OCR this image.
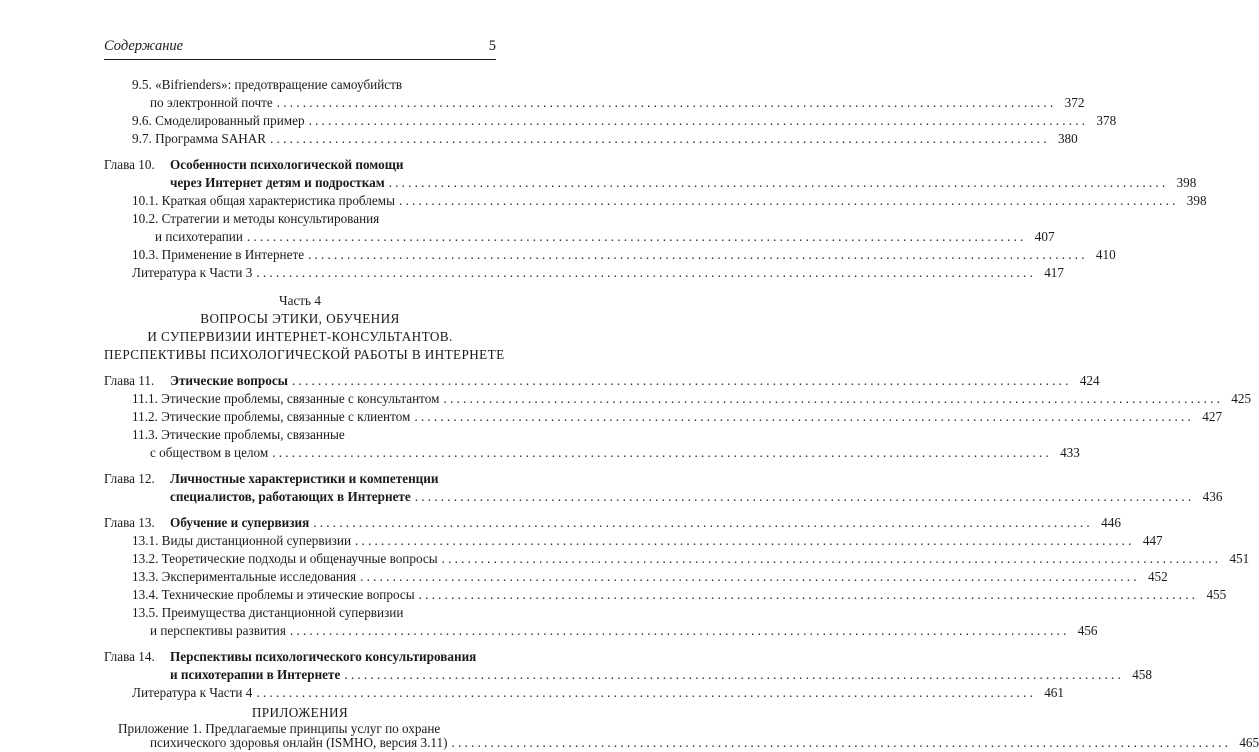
Содержание	5
9.5. «Bifrienders»: предотвращение самоубийств
по электронной почте ........................................................................................................................ 372
9.6. Смоделированный пример ........................................................................................................................ 378
9.7. Программа SAHAR ........................................................................................................................ 380
Глава 10.	Особенности психологической помощи
через Интернет детям и подросткам ........................................................................................................................ 398
10.1. Краткая общая характеристика проблемы ........................................................................................................................ 398
10.2. Стратегии и методы консультирования
и психотерапии ........................................................................................................................ 407
10.3. Применение в Интернете ........................................................................................................................ 410
Литература к Части 3 ........................................................................................................................ 417
Часть 4
ВОПРОСЫ ЭТИКИ, ОБУЧЕНИЯ
И СУПЕРВИЗИИ ИНТЕРНЕТ-КОНСУЛЬТАНТОВ.
ПЕРСПЕКТИВЫ ПСИХОЛОГИЧЕСКОЙ РАБОТЫ В ИНТЕРНЕТЕ
Глава 11.	Этические вопросы ........................................................................................................................ 424
11.1. Этические проблемы, связанные с консультантом ........................................................................................................................ 425
11.2. Этические проблемы, связанные с клиентом ........................................................................................................................ 427
11.3. Этические проблемы, связанные
с обществом в целом ........................................................................................................................ 433
Глава 12.	Личностные характеристики и компетенции
специалистов, работающих в Интернете ........................................................................................................................ 436
Глава 13.	Обучение и супервизия ........................................................................................................................ 446
13.1. Виды дистанционной супервизии ........................................................................................................................ 447
13.2. Теоретические подходы и общенаучные вопросы ........................................................................................................................ 451
13.3. Экспериментальные исследования ........................................................................................................................ 452
13.4. Технические проблемы и этические вопросы ........................................................................................................................ 455
13.5. Преимущества дистанционной супервизии
и перспективы развития ........................................................................................................................ 456
Глава 14.	Перспективы психологического консультирования
и психотерапии в Интернете ........................................................................................................................ 458
Литература к Части 4 ........................................................................................................................ 461
ПРИЛОЖЕНИЯ
Приложение 1. Предлагаемые принципы услуг по охране
психического здоровья онлайн (ISMHO, версия 3.11) ........................................................................................................................ 465
